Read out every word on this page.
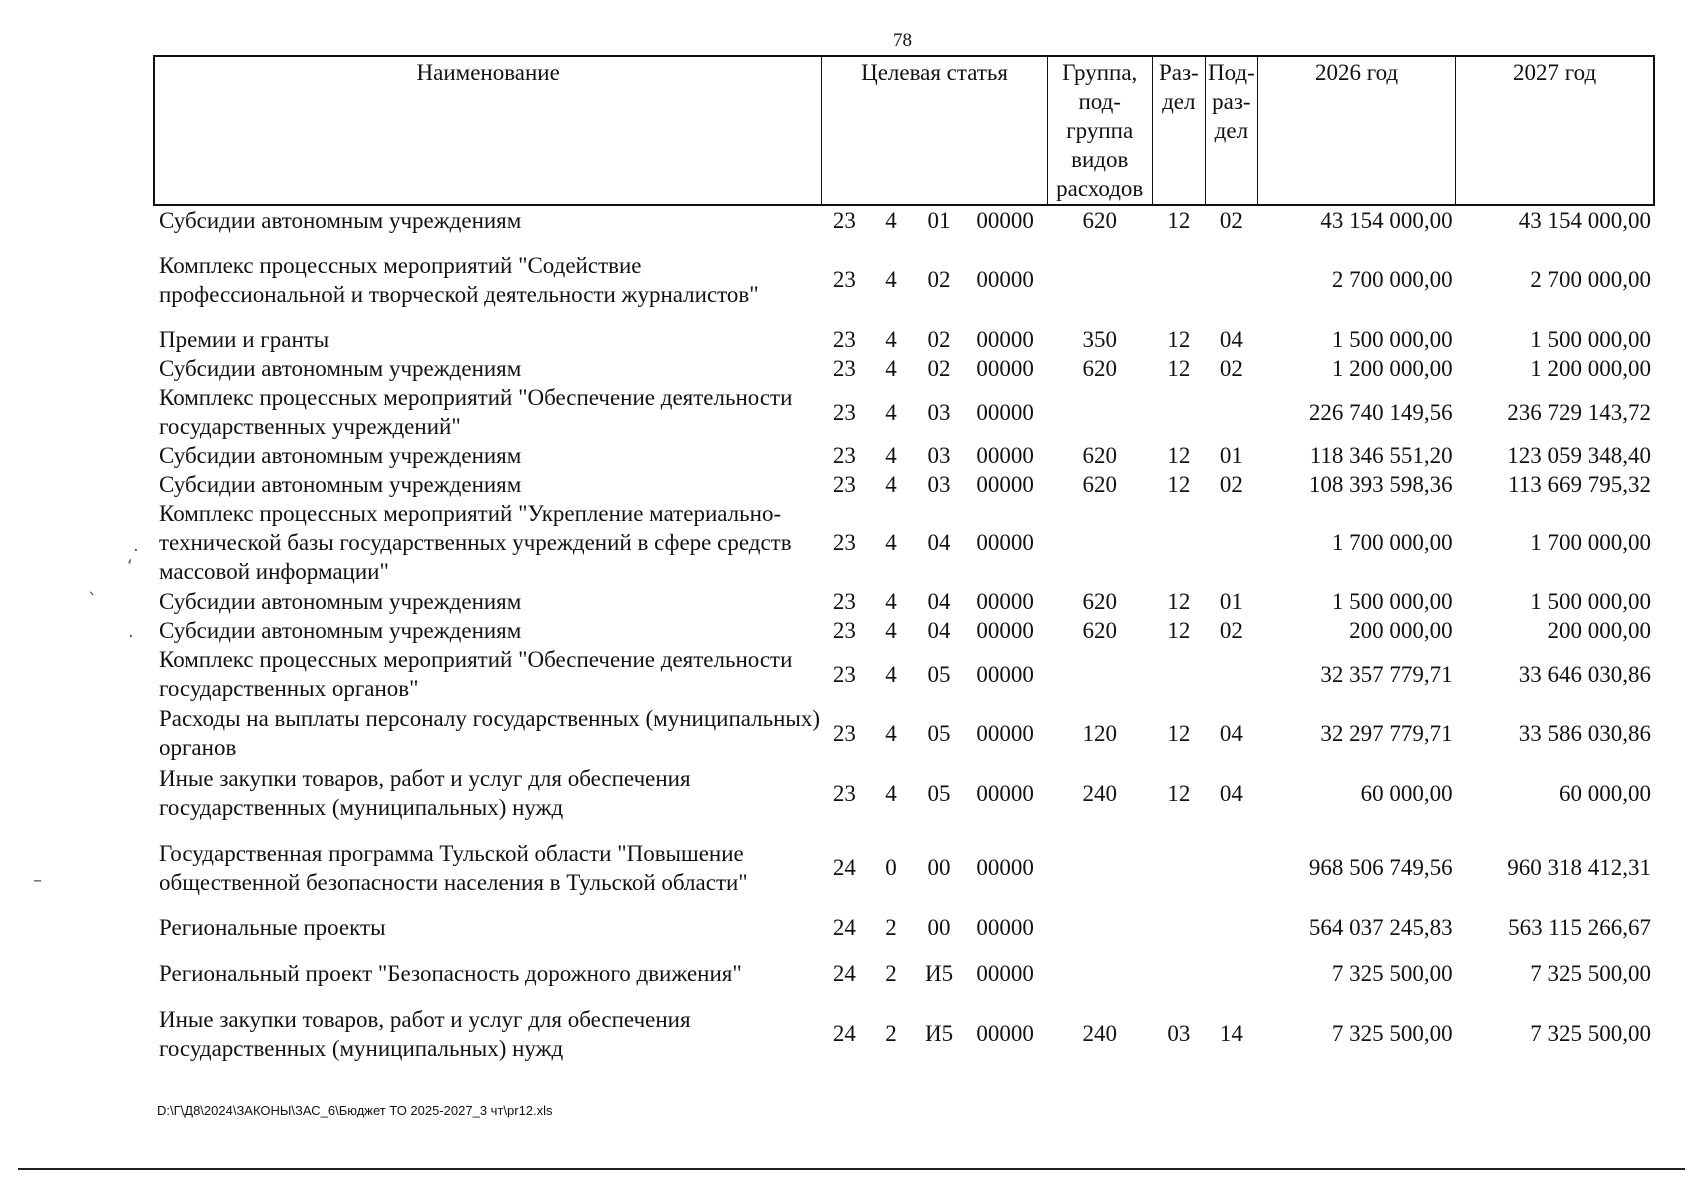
78
Наименование	Целевая статья				Группа, под-группа видов расходов	Раз-дел	Под-раз-дел	2026 год	2027 год
Субсидии автономным учреждениям	23	4	01	00000	620	12	02	43 154 000,00	43 154 000,00
Комплекс процессных мероприятий "Содействие профессиональной и творческой деятельности журналистов"	23	4	02	00000				2 700 000,00	2 700 000,00
Премии и гранты	23	4	02	00000	350	12	04	1 500 000,00	1 500 000,00
Субсидии автономным учреждениям	23	4	02	00000	620	12	02	1 200 000,00	1 200 000,00
Комплекс процессных мероприятий "Обеспечение деятельности государственных учреждений"	23	4	03	00000				226 740 149,56	236 729 143,72
Субсидии автономным учреждениям	23	4	03	00000	620	12	01	118 346 551,20	123 059 348,40
Субсидии автономным учреждениям	23	4	03	00000	620	12	02	108 393 598,36	113 669 795,32
Комплекс процессных мероприятий "Укрепление материально-технической базы государственных учреждений в сфере средств массовой информации"	23	4	04	00000				1 700 000,00	1 700 000,00
Субсидии автономным учреждениям	23	4	04	00000	620	12	01	1 500 000,00	1 500 000,00
Субсидии автономным учреждениям	23	4	04	00000	620	12	02	200 000,00	200 000,00
Комплекс процессных мероприятий "Обеспечение деятельности государственных органов"	23	4	05	00000				32 357 779,71	33 646 030,86
Расходы на выплаты персоналу государственных (муниципальных) органов	23	4	05	00000	120	12	04	32 297 779,71	33 586 030,86
Иные закупки товаров, работ и услуг для обеспечения государственных (муниципальных) нужд	23	4	05	00000	240	12	04	60 000,00	60 000,00
Государственная программа Тульской области "Повышение общественной безопасности населения в Тульской области"	24	0	00	00000				968 506 749,56	960 318 412,31
Региональные проекты	24	2	00	00000				564 037 245,83	563 115 266,67
Региональный проект "Безопасность дорожного движения"	24	2	И5	00000				7 325 500,00	7 325 500,00
Иные закупки товаров, работ и услуг для обеспечения государственных (муниципальных) нужд	24	2	И5	00000	240	03	14	7 325 500,00	7 325 500,00
D:\Г\Д8\2024\ЗАКОНЫ\ЗАС_6\Бюджет ТО 2025-2027_3 чт\pr12.xls
·
ʻ
ˎ
·
–
